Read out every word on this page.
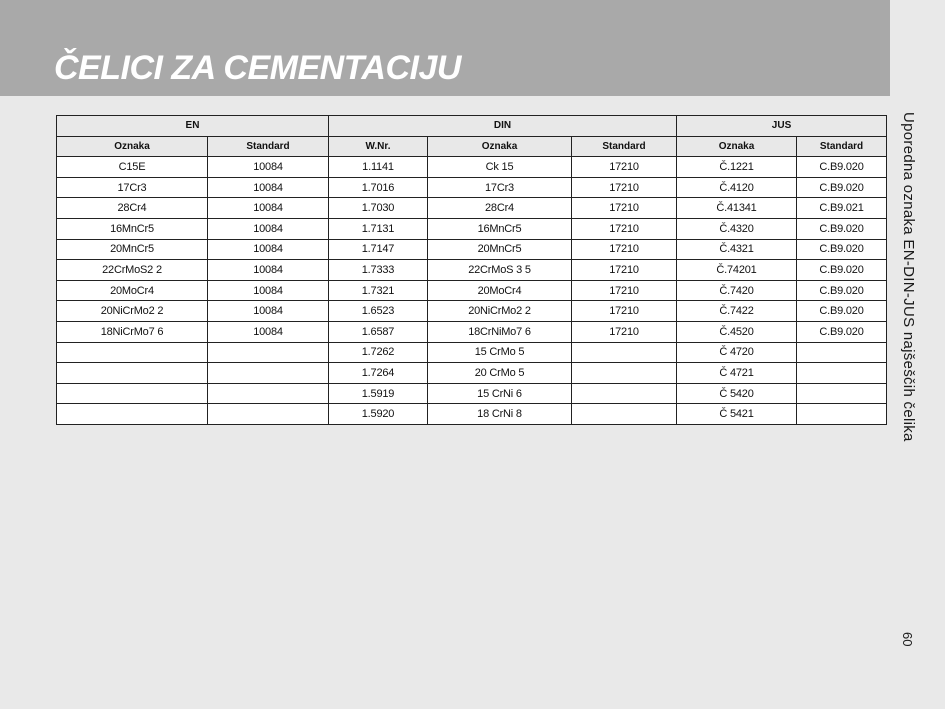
ČELICI ZA CEMENTACIJU
EN		DIN			JUS	
Oznaka	Standard	W.Nr.	Oznaka	Standard	Oznaka	Standard
C15E	10084	1.1141	Ck 15	17210	Č.1221	C.B9.020
17Cr3	10084	1.7016	17Cr3	17210	Č.4120	C.B9.020
28Cr4	10084	1.7030	28Cr4	17210	Č.41341	C.B9.021
16MnCr5	10084	1.7131	16MnCr5	17210	Č.4320	C.B9.020
20MnCr5	10084	1.7147	20MnCr5	17210	Č.4321	C.B9.020
22CrMoS2 2	10084	1.7333	22CrMoS 3 5	17210	Č.74201	C.B9.020
20MoCr4	10084	1.7321	20MoCr4	17210	Č.7420	C.B9.020
20NiCrMo2 2	10084	1.6523	20NiCrMo2 2	17210	Č.7422	C.B9.020
18NiCrMo7 6	10084	1.6587	18CrNiMo7 6	17210	Č.4520	C.B9.020
		1.7262	15 CrMo 5		Č 4720	
		1.7264	20 CrMo 5		Č 4721	
		1.5919	15 CrNi 6		Č 5420	
		1.5920	18 CrNi 8		Č 5421		Uporedna oznaka EN-DIN-JUS najšeščih čelika
60
